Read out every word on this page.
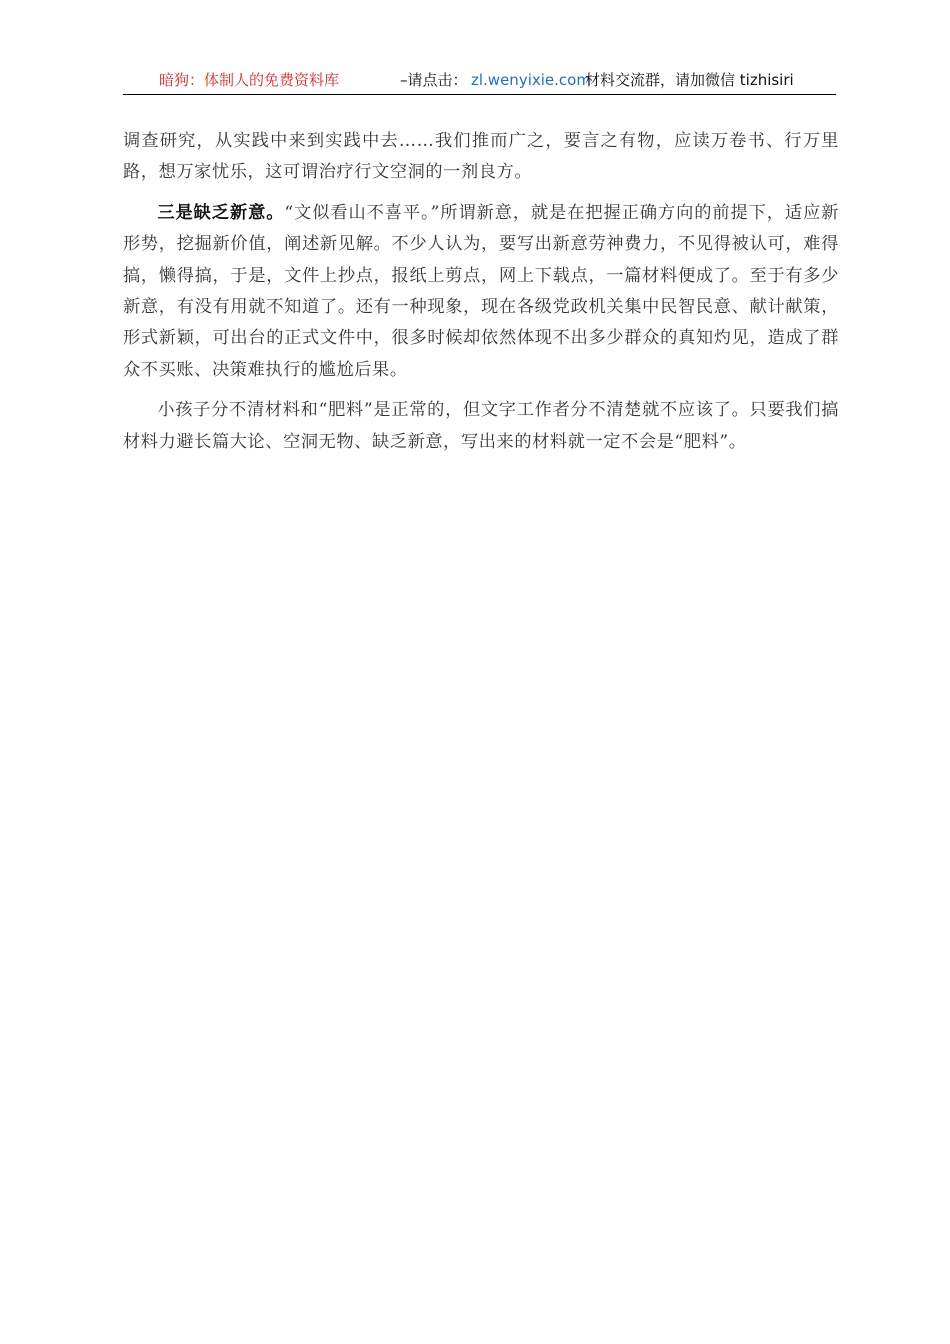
暗狗：体制人的免费资料库	–请点击： zl.wenyixie.com
材料交流群，请加微信 tizhisiri

调查研究，从实践中来到实践中去……我们推而广之，要言之有物，应读万卷书、行万里路，想万家忧乐，这可谓治疗行文空洞的一剂良方。

三是缺乏新意。“文似看山不喜平。”所谓新意，就是在把握正确方向的前提下，适应新形势，挖掘新价值，阐述新见解。不少人认为，要写出新意劳神费力，不见得被认可，难得搞，懒得搞，于是，文件上抄点，报纸上剪点，网上下载点，一篇材料便成了。至于有多少新意，有没有用就不知道了。还有一种现象，现在各级党政机关集中民智民意、献计献策，形式新颖，可出台的正式文件中，很多时候却依然体现不出多少群众的真知灼见，造成了群众不买账、决策难执行的尴尬后果。

小孩子分不清材料和“肥料”是正常的，但文字工作者分不清楚就不应该了。只要我们搞材料力避长篇大论、空洞无物、缺乏新意，写出来的材料就一定不会是“肥料”。
